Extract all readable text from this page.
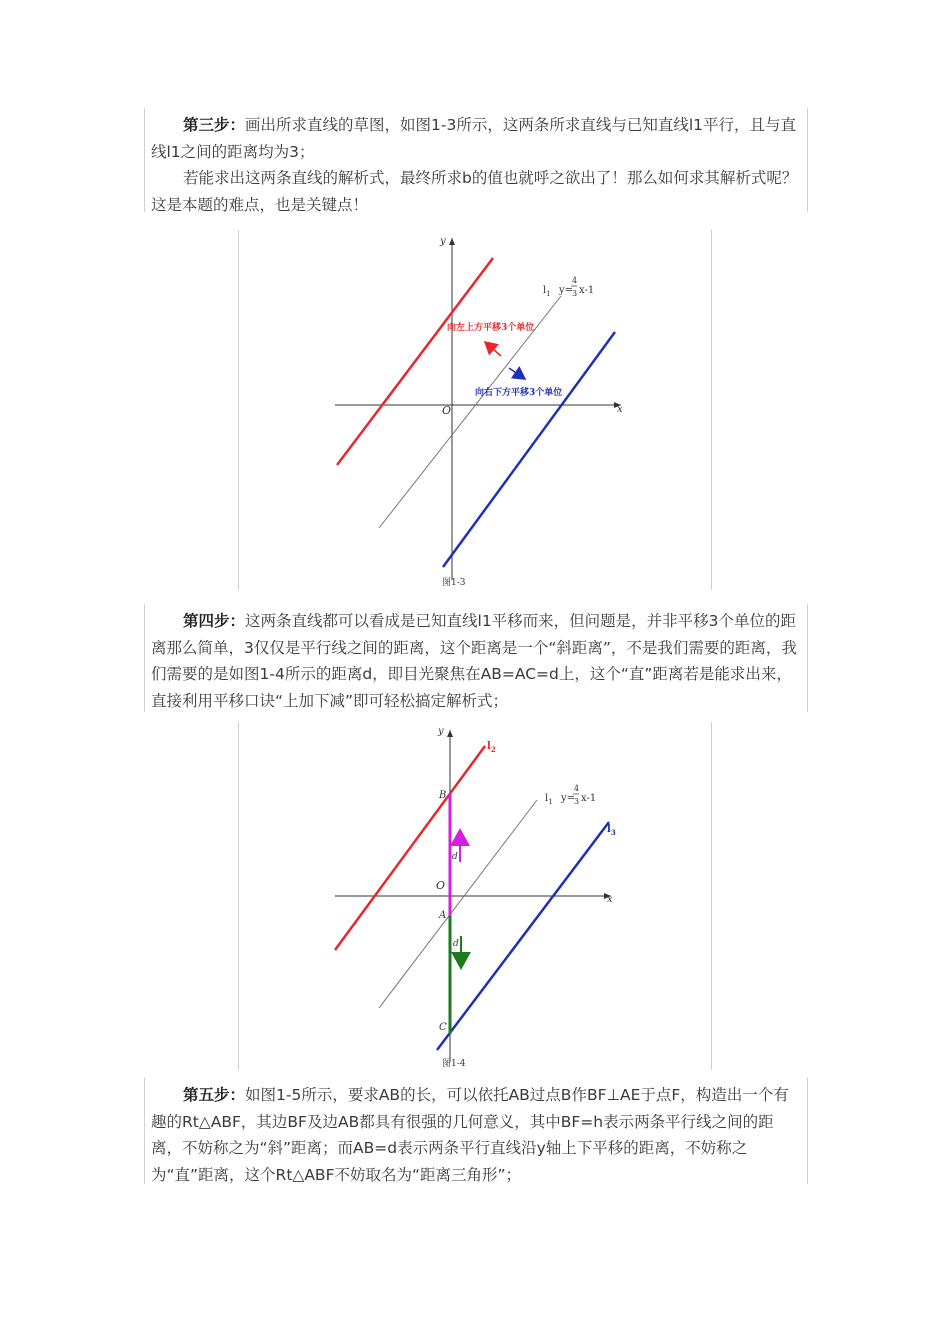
第三步：画出所求直线的草图，如图1-3所示，这两条所求直线与已知直线l1平行，且与直线l1之间的距离均为3；

若能求出这两条直线的解析式，最终所求b的值也就呼之欲出了！那么如何求其解析式呢？这是本题的难点，也是关键点！

y
x
O
$l_1$ y=
4
3 x-1
向左上方平移3个单位
向右下方平移3个单位
图1-3

第四步：这两条直线都可以看成是已知直线l1平移而来，但问题是，并非平移3个单位的距离那么简单，3仅仅是平行线之间的距离，这个距离是一个“斜距离”，不是我们需要的距离，我们需要的是如图1-4所示的距离d，即目光聚焦在AB=AC=d上，这个“直”距离若是能求出来，直接利用平移口诀“上加下减”即可轻松搞定解析式；

y
x
O
d
d
B
A
C
$l_2$
$l_3$
$l_1$ y=
4
3 x-1
图1-4

第五步：如图1-5所示，要求AB的长，可以依托AB过点B作BF⊥AE于点F，构造出一个有趣的Rt△ABF，其边BF及边AB都具有很强的几何意义，其中BF=h表示两条平行线之间的距离，不妨称之为“斜”距离；而AB=d表示两条平行直线沿y轴上下平移的距离，不妨称之为“直”距离，这个Rt△ABF不妨取名为“距离三角形”；
